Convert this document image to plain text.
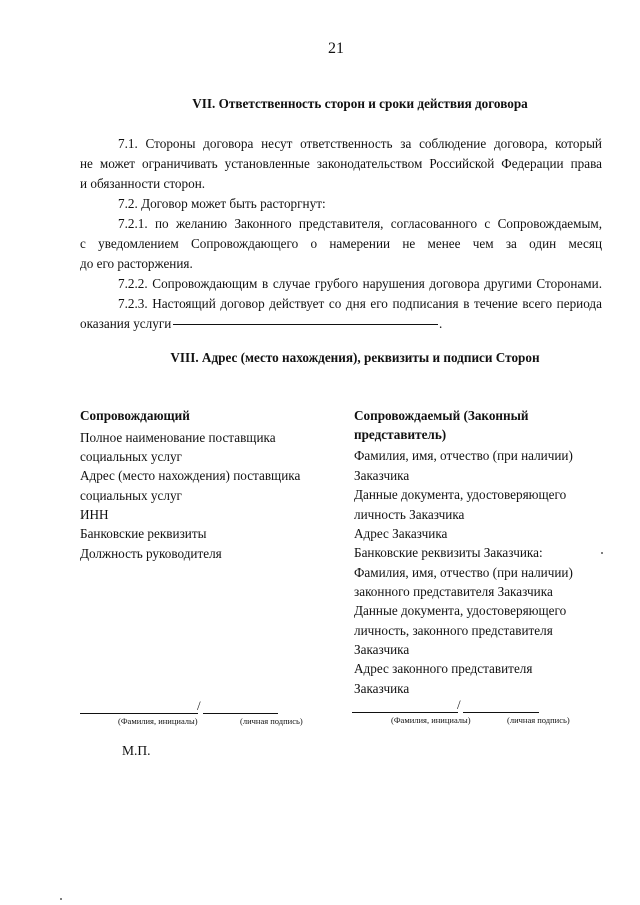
21
VII. Ответственность сторон и сроки действия договора
7.1. Стороны договора несут ответственность за соблюдение договора, который
не может ограничивать установленные законодательством Российской Федерации права
и обязанности сторон.
7.2. Договор может быть расторгнут:
7.2.1. по желанию Законного представителя, согласованного с Сопровождаемым,
с уведомлением Сопровождающего о намерении не менее чем за один месяц
до его расторжения.
7.2.2. Сопровождающим в случае грубого нарушения договора другими Сторонами.
7.2.3. Настоящий договор действует со дня его подписания в течение всего периода
оказания услуги	.
VIII. Адрес (место нахождения), реквизиты и подписи Сторон
Сопровождающий
Полное наименование поставщика
социальных услуг
Адрес (место нахождения) поставщика
социальных услуг
ИНН
Банковские реквизиты
Должность руководителя
Сопровождаемый (Законный
представитель)
Фамилия, имя, отчество (при наличии)
Заказчика
Данные документа, удостоверяющего
личность Заказчика
Адрес Заказчика
Банковские реквизиты Заказчика:
Фамилия, имя, отчество (при наличии)
законного представителя Заказчика
Данные документа, удостоверяющего
личность, законного представителя
Заказчика
Адрес законного представителя
Заказчика
/
(Фамилия, инициалы)	(личная подпись)
/
(Фамилия, инициалы)	(личная подпись)
М.П.
